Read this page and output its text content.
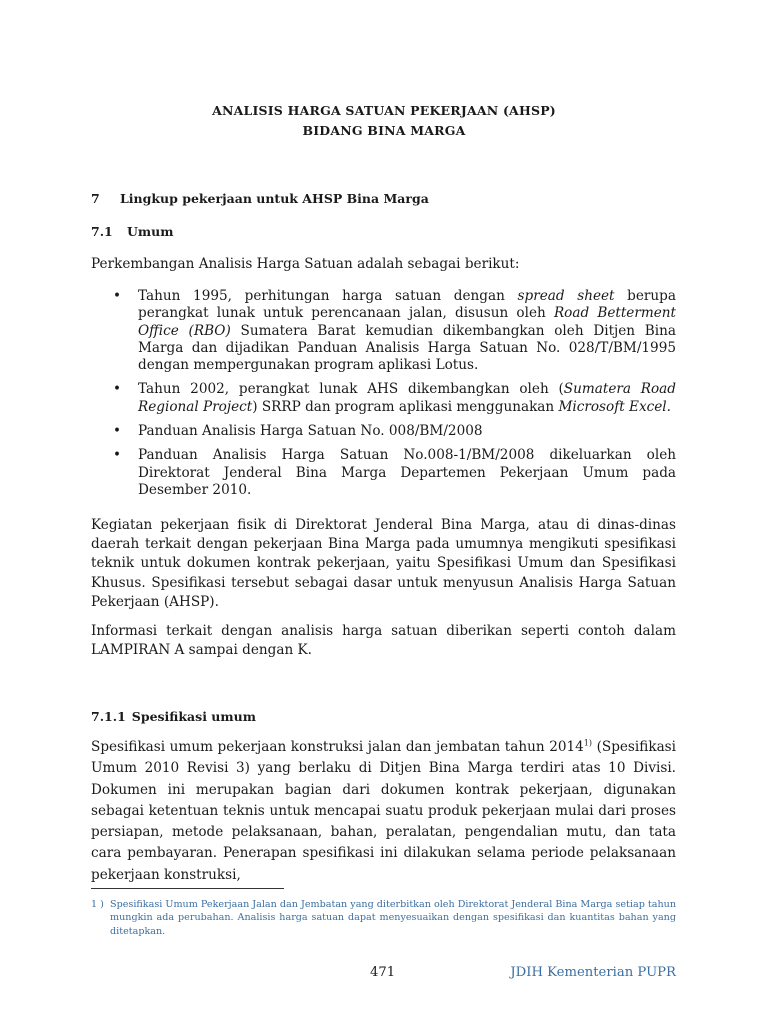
ANALISIS HARGA SATUAN PEKERJAAN (AHSP)
BIDANG BINA MARGA
7 Lingkup pekerjaan untuk AHSP Bina Marga
7.1 Umum
Perkembangan Analisis Harga Satuan adalah sebagai berikut:
• Tahun 1995, perhitungan harga satuan dengan spread sheet berupa perangkat lunak untuk perencanaan jalan, disusun oleh Road Betterment Office (RBO) Sumatera Barat kemudian dikembangkan oleh Ditjen Bina Marga dan dijadikan Panduan Analisis Harga Satuan No. 028/T/BM/1995 dengan mempergunakan program aplikasi Lotus.
• Tahun 2002, perangkat lunak AHS dikembangkan oleh (Sumatera Road Regional Project) SRRP dan program aplikasi menggunakan Microsoft Excel.
• Panduan Analisis Harga Satuan No. 008/BM/2008
• Panduan Analisis Harga Satuan No.008-1/BM/2008 dikeluarkan oleh Direktorat Jenderal Bina Marga Departemen Pekerjaan Umum pada Desember 2010.
Kegiatan pekerjaan fisik di Direktorat Jenderal Bina Marga, atau di dinas-dinas daerah terkait dengan pekerjaan Bina Marga pada umumnya mengikuti spesifikasi teknik untuk dokumen kontrak pekerjaan, yaitu Spesifikasi Umum dan Spesifikasi Khusus. Spesifikasi tersebut sebagai dasar untuk menyusun Analisis Harga Satuan Pekerjaan (AHSP).
Informasi terkait dengan analisis harga satuan diberikan seperti contoh dalam LAMPIRAN A sampai dengan K.
7.1.1 Spesifikasi umum
Spesifikasi umum pekerjaan konstruksi jalan dan jembatan tahun 2014$^{1)}$ (Spesifikasi Umum 2010 Revisi 3) yang berlaku di Ditjen Bina Marga terdiri atas 10 Divisi. Dokumen ini merupakan bagian dari dokumen kontrak pekerjaan, digunakan sebagai ketentuan teknis untuk mencapai suatu produk pekerjaan mulai dari proses persiapan, metode pelaksanaan, bahan, peralatan, pengendalian mutu, dan tata cara pembayaran. Penerapan spesifikasi ini dilakukan selama periode pelaksanaan pekerjaan konstruksi,
1 ) Spesifikasi Umum Pekerjaan Jalan dan Jembatan yang diterbitkan oleh Direktorat Jenderal Bina Marga setiap tahun mungkin ada perubahan. Analisis harga satuan dapat menyesuaikan dengan spesifikasi dan kuantitas bahan yang ditetapkan.
471	JDIH Kementerian PUPR
